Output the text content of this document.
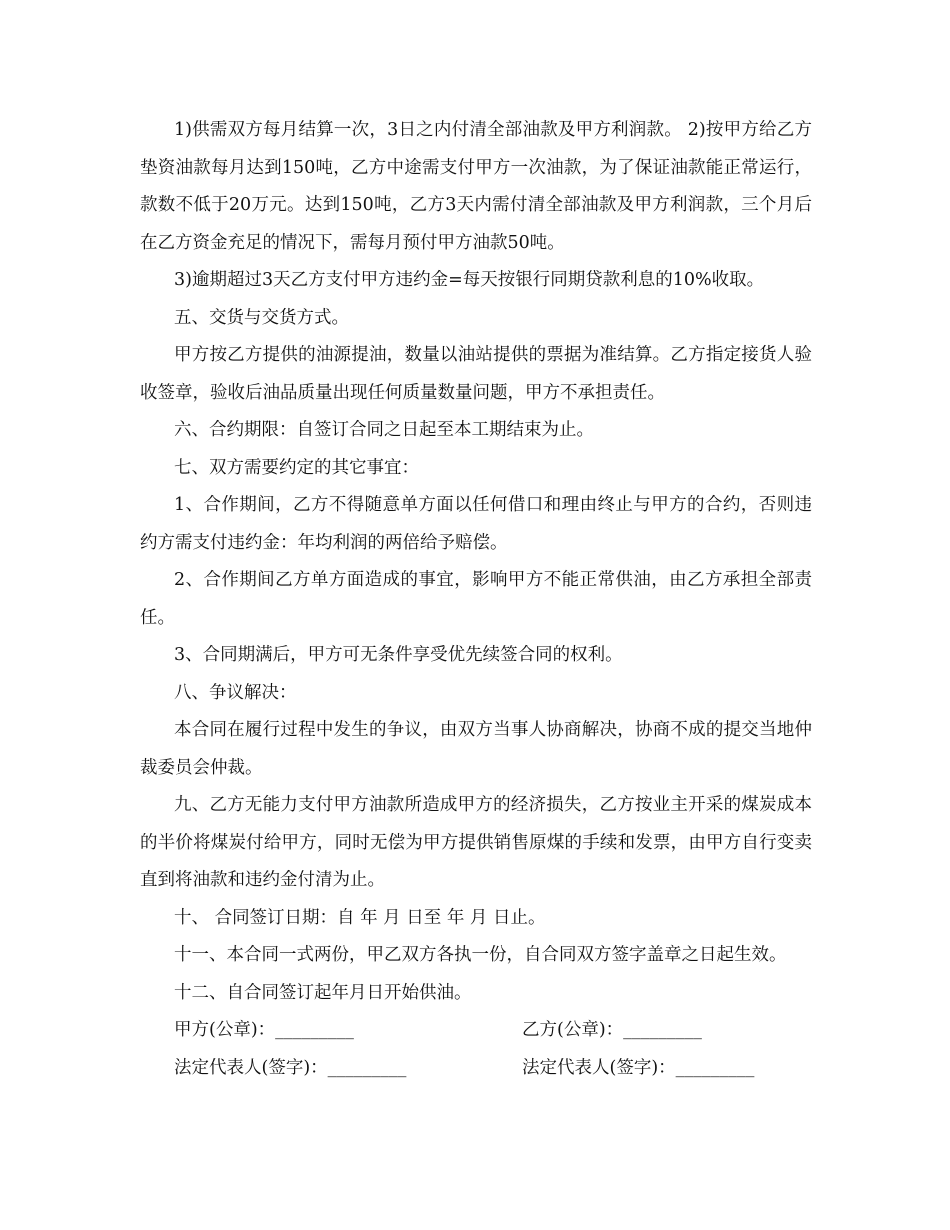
1)供需双方每月结算一次，3日之内付清全部油款及甲方利润款。 2)按甲方给乙方垫资油款每月达到150吨，乙方中途需支付甲方一次油款，为了保证油款能正常运行，款数不低于20万元。达到150吨，乙方3天内需付清全部油款及甲方利润款，三个月后在乙方资金充足的情况下，需每月预付甲方油款50吨。

3)逾期超过3天乙方支付甲方违约金=每天按银行同期贷款利息的10%收取。

五、交货与交货方式。

甲方按乙方提供的油源提油，数量以油站提供的票据为准结算。乙方指定接货人验收签章，验收后油品质量出现任何质量数量问题，甲方不承担责任。

六、合约期限：自签订合同之日起至本工期结束为止。

七、双方需要约定的其它事宜：

1、合作期间，乙方不得随意单方面以任何借口和理由终止与甲方的合约，否则违约方需支付违约金：年均利润的两倍给予赔偿。

2、合作期间乙方单方面造成的事宜，影响甲方不能正常供油，由乙方承担全部责任。

3、合同期满后，甲方可无条件享受优先续签合同的权利。

八、争议解决：

本合同在履行过程中发生的争议，由双方当事人协商解决，协商不成的提交当地仲裁委员会仲裁。

九、乙方无能力支付甲方油款所造成甲方的经济损失，乙方按业主开采的煤炭成本的半价将煤炭付给甲方，同时无偿为甲方提供销售原煤的手续和发票，由甲方自行变卖直到将油款和违约金付清为止。

十、 合同签订日期：自 年 月 日至 年 月 日止。

十一、本合同一式两份，甲乙双方各执一份，自合同双方签字盖章之日起生效。

十二、自合同签订起年月日开始供油。

甲方(公章)：_________	乙方(公章)：_________
法定代表人(签字)：_________	法定代表人(签字)：_________
